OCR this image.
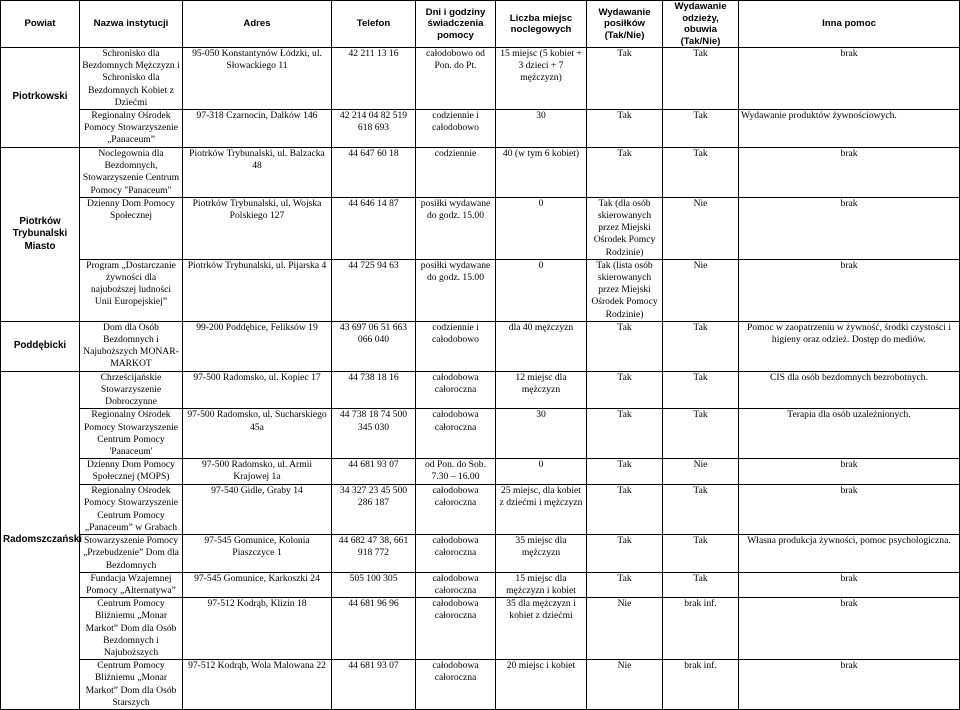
Powiat	Nazwa instytucji	Adres	Telefon	Dni i godziny świadczenia pomocy	Liczba miejsc noclegowych	Wydawanie posiłków (Tak/Nie)	Wydawanie odzieży, obuwia (Tak/Nie)	Inna pomoc
Piotrkowski	Schronisko dla Bezdomnych Mężczyzn i Schronisko dla Bezdomnych Kobiet z Dziećmi	95-050 Konstantynów Łódzki, ul. Słowackiego 11	42 211 13 16	całodobowo od Pon. do Pt.	15 miejsc (5 kobiet + 3 dzieci + 7 mężczyzn)	Tak	Tak	brak
	Regionalny Ośrodek Pomocy Stowarzyszenie „Panaceum”	97-318 Czarnocin, Dalków 146	42 214 04 82 519 618 693	codziennie i całodobowo	30	Tak	Tak	Wydawanie produktów żywnościowych.
Piotrków Trybunalski Miasto	Noclegownia dla Bezdomnych, Stowarzyszenie Centrum Pomocy "Panaceum"	Piotrków Trybunalski, ul. Balzacka 48	44 647 60 18	codziennie	40 (w tym 6 kobiet)	Tak	Tak	brak
	Dzienny Dom Pomocy Społecznej	Piotrków Trybunalski, ul. Wojska Polskiego 127	44 646 14 87	posiłki wydawane do godz. 15.00	0	Tak (dla osób skierowanych przez Miejski Ośrodek Pomcy Rodzinie)	Nie	brak
	Program „Dostarczanie żywności dla najuboższej ludności Unii Europejskiej”	Piotrków Trybunalski, ul. Pijarska 4	44 725 94 63	posiłki wydawane do godz. 15.00	0	Tak (lista osób skierowanych przez Miejski Ośrodek Pomocy Rodzinie)	Nie	brak
Poddębicki	Dom dla Osób Bezdomnych i Najuboższych MONAR-MARKOT	99-200 Poddębice, Feliksów 19	43 697 06 51 663 066 040	codziennie i całodobowo	dla 40 mężczyzn	Tak	Tak	Pomoc w zaopatrzeniu w żywność, środki czystości i higieny oraz odzież. Dostęp do mediów.
Radomszczański	Chrześcijańskie Stowarzyszenie Dobroczynne	97-500 Radomsko, ul. Kopiec 17	44 738 18 16	całodobowa całoroczna	12 miejsc dla mężczyzn	Tak	Tak	CIS dla osób bezdomnych bezrobotnych.
	Regionalny Ośrodek Pomocy Stowarzyszenie Centrum Pomocy 'Panaceum'	97-500 Radomsko, ul. Sucharskiego 45a	44 738 18 74 500 345 030	całodobowa całoroczna	30	Tak	Tak	Terapia dla osób uzależnionych.
	Dzienny Dom Pomocy Społecznej (MOPS)	97-500 Radomsko, ul. Armii Krajowej 1a	44 681 93 07	od Pon. do Sob. 7.30 – 16.00	0	Tak	Nie	brak
	Regionalny Ośrodek Pomocy Stowarzyszenie Centrum Pomocy „Panaceum” w Grabach	97-540 Gidle, Graby 14	34 327 23 45 500 286 187	całodobowa całoroczna	25 miejsc, dla kobiet z dziećmi i mężczyzn	Tak	Tak	brak
	Stowarzyszenie Pomocy „Przebudzenie” Dom dla Bezdomnych	97-545 Gomunice, Kolonia Piaszczyce 1	44 682 47 38, 661 918 772	całodobowa całoroczna	35 miejsc dla mężczyzn	Tak	Tak	Własna produkcja żywności, pomoc psychologiczna.
	Fundacja Wzajemnej Pomocy „Alternatywa”	97-545 Gomunice, Karkoszki 24	505 100 305	całodobowa całoroczna	15 miejsc dla mężczyzn i kobiet	Tak	Tak	brak
	Centrum Pomocy Bliźniemu „Monar Markot” Dom dla Osób Bezdomnych i Najuboższych	97-512 Kodrąb, Klizin 18	44 681 96 96	całodobowa całoroczna	35 dla mężczyzn i kobiet z dziećmi	Nie	brak inf.	brak
	Centrum Pomocy Bliźniemu „Monar Markot” Dom dla Osób Starszych	97-512 Kodrąb, Wola Malowana 22	44 681 93 07	całodobowa całoroczna	20 miejsc i kobiet	Nie	brak inf.	brak
